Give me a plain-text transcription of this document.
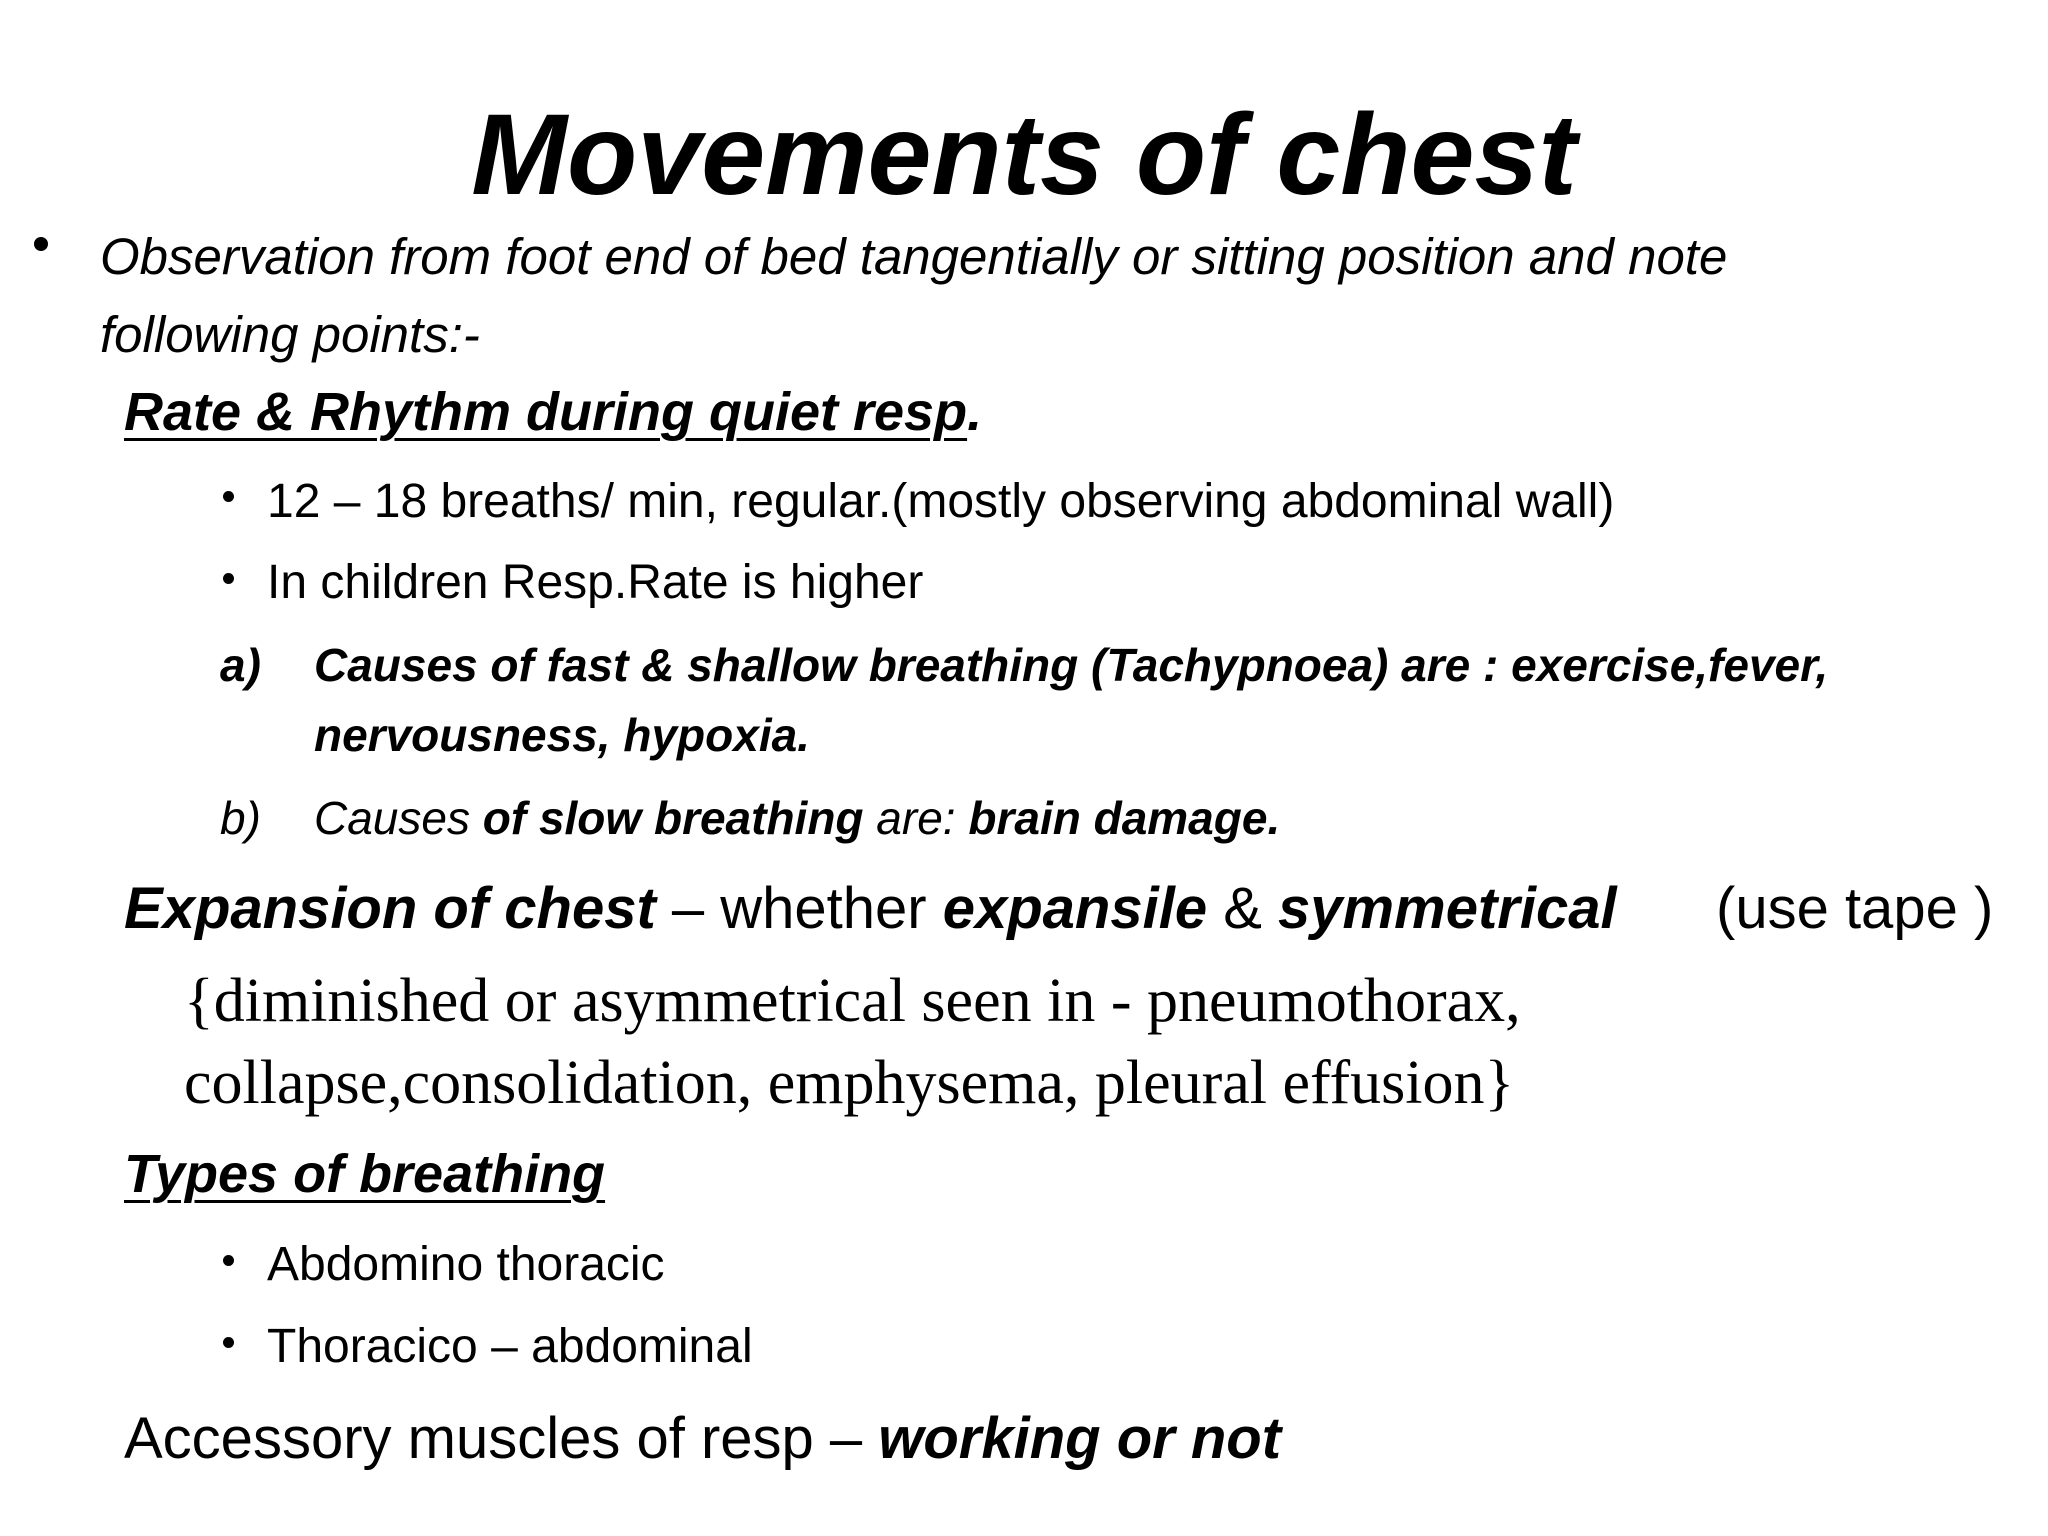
Movements of chest
Observation from foot end of bed tangentially or sitting position and note
following points:-
Rate & Rhythm during quiet resp.
12 – 18 breaths/ min, regular.(mostly observing abdominal wall)
In children Resp.Rate is higher
a) Causes of fast & shallow breathing (Tachypnoea) are : exercise,fever,
nervousness, hypoxia.
b) Causes of slow breathing are: brain damage.
Expansion of chest – whether expansile & symmetrical (use tape )
{diminished or asymmetrical seen in - pneumothorax,
collapse,consolidation, emphysema, pleural effusion}
Types of breathing
Abdomino thoracic
Thoracico – abdominal
Accessory muscles of resp – working or not
